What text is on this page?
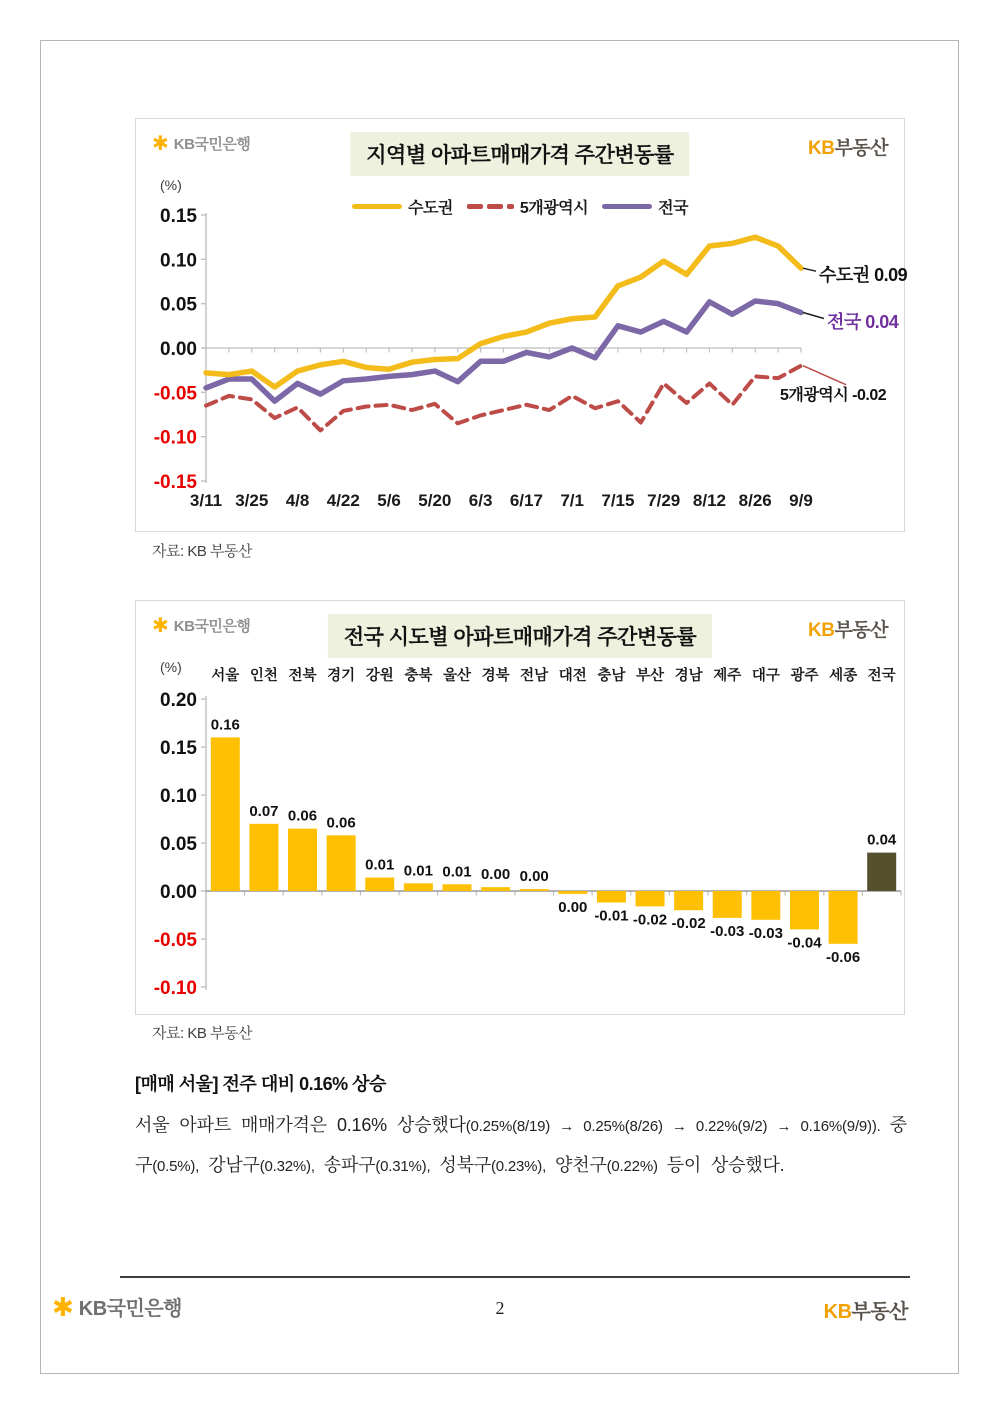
0.15
0.10
0.05
0.00
-0.05
-0.10
-0.15
3/11 3/25 4/8 4/22 5/6 5/20 6/3 6/17 7/1 7/15 7/29 8/12 8/26 9/9
✱ KB국민은행	지역별 아파트매매가격 주간변동률	KB부동산
(%)
수도권	5개광역시	전국
수도권 0.09
전국 0.04
5개광역시 -0.02
자료: KB 부동산
0.20
0.15
0.10
0.05
0.00
-0.05
-0.10
서울 인천 전북 경기 강원 충북 울산 경북 전남 대전 충남 부산 경남 제주 대구 광주 세종 전국
0.16
0.07 0.06 0.06
0.01 0.01 0.01 0.00 0.00
0.00
-0.01 -0.02 -0.02 -0.03 -0.03
-0.04
-0.06
0.04
✱ KB국민은행	전국 시도별 아파트매매가격 주간변동률	KB부동산
(%)
자료: KB 부동산
[매매 서울] 전주 대비 0.16% 상승
서울 아파트 매매가격은 0.16% 상승했다(0.25%(8/19) → 0.25%(8/26) → 0.22%(9/2) → 0.16%(9/9)). 중구(0.5%), 강남구(0.32%), 송파구(0.31%), 성북구(0.23%), 양천구(0.22%) 등이 상승했다.
✱ KB국민은행	2	KB부동산
